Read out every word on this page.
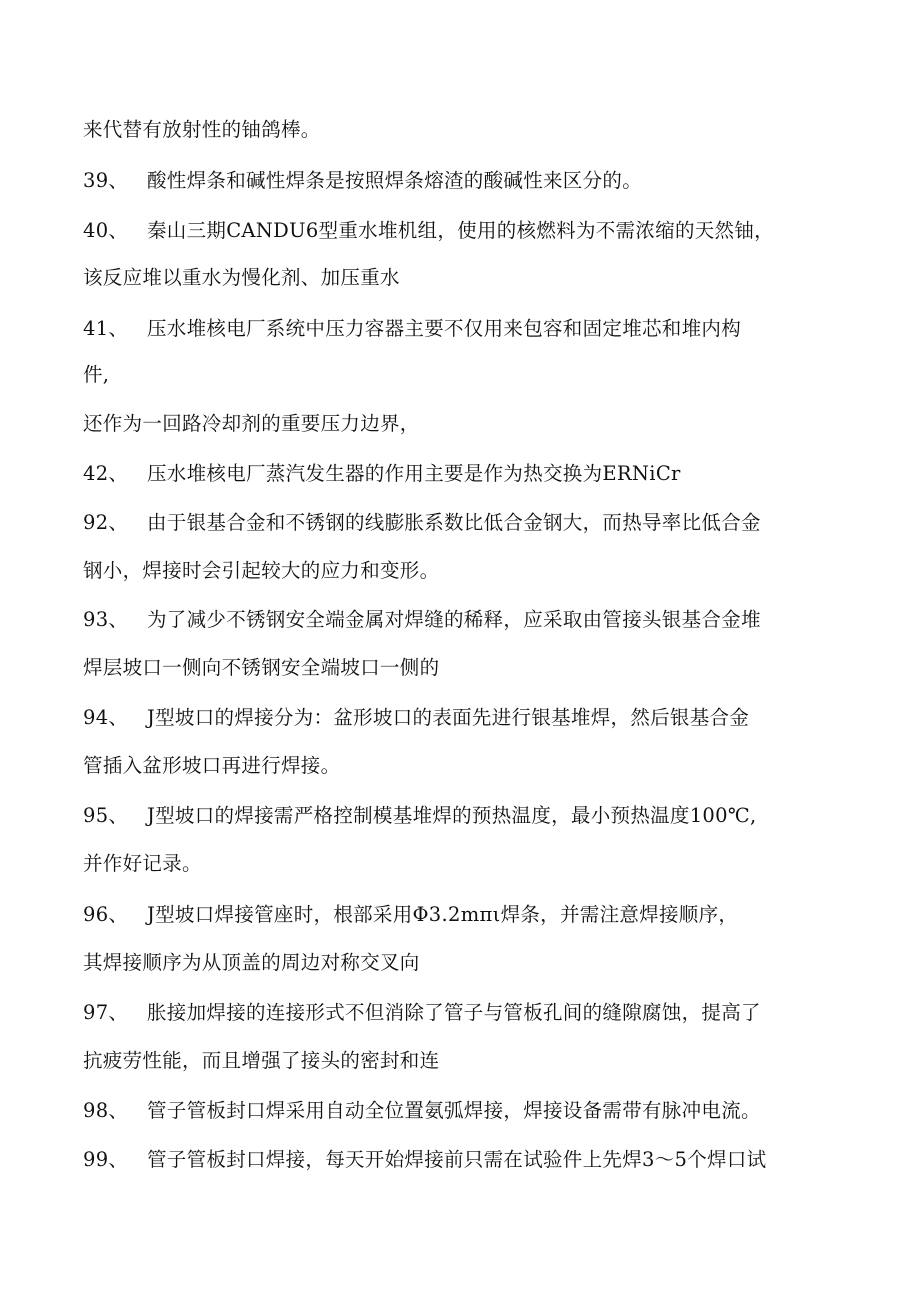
来代替有放射性的铀鸽棒。
39、 酸性焊条和碱性焊条是按照焊条熔渣的酸碱性来区分的。
40、 秦山三期CANDU6型重水堆机组，使用的核燃料为不需浓缩的天然铀，
该反应堆以重水为慢化剂、加压重水
41、 压水堆核电厂系统中压力容器主要不仅用来包容和固定堆芯和堆内构
件,
还作为一回路冷却剂的重要压力边界，
42、 压水堆核电厂蒸汽发生器的作用主要是作为热交换为ERNiCr
92、 由于银基合金和不锈钢的线膨胀系数比低合金钢大，而热导率比低合金
钢小，焊接时会引起较大的应力和变形。
93、 为了减少不锈钢安全端金属对焊缝的稀释，应采取由管接头银基合金堆
焊层坡口一侧向不锈钢安全端坡口一侧的
94、 J型坡口的焊接分为：盆形坡口的表面先进行银基堆焊，然后银基合金
管插入盆形坡口再进行焊接。
95、 J型坡口的焊接需严格控制模基堆焊的预热温度，最小预热温度100℃,
并作好记录。
96、 J型坡口焊接管座时，根部采用Φ3.2mπι焊条，并需注意焊接顺序，
其焊接顺序为从顶盖的周边对称交叉向
97、 胀接加焊接的连接形式不但消除了管子与管板孔间的缝隙腐蚀，提高了
抗疲劳性能，而且增强了接头的密封和连
98、 管子管板封口焊采用自动全位置氨弧焊接，焊接设备需带有脉冲电流。
99、 管子管板封口焊接，每天开始焊接前只需在试验件上先焊3～5个焊口试
